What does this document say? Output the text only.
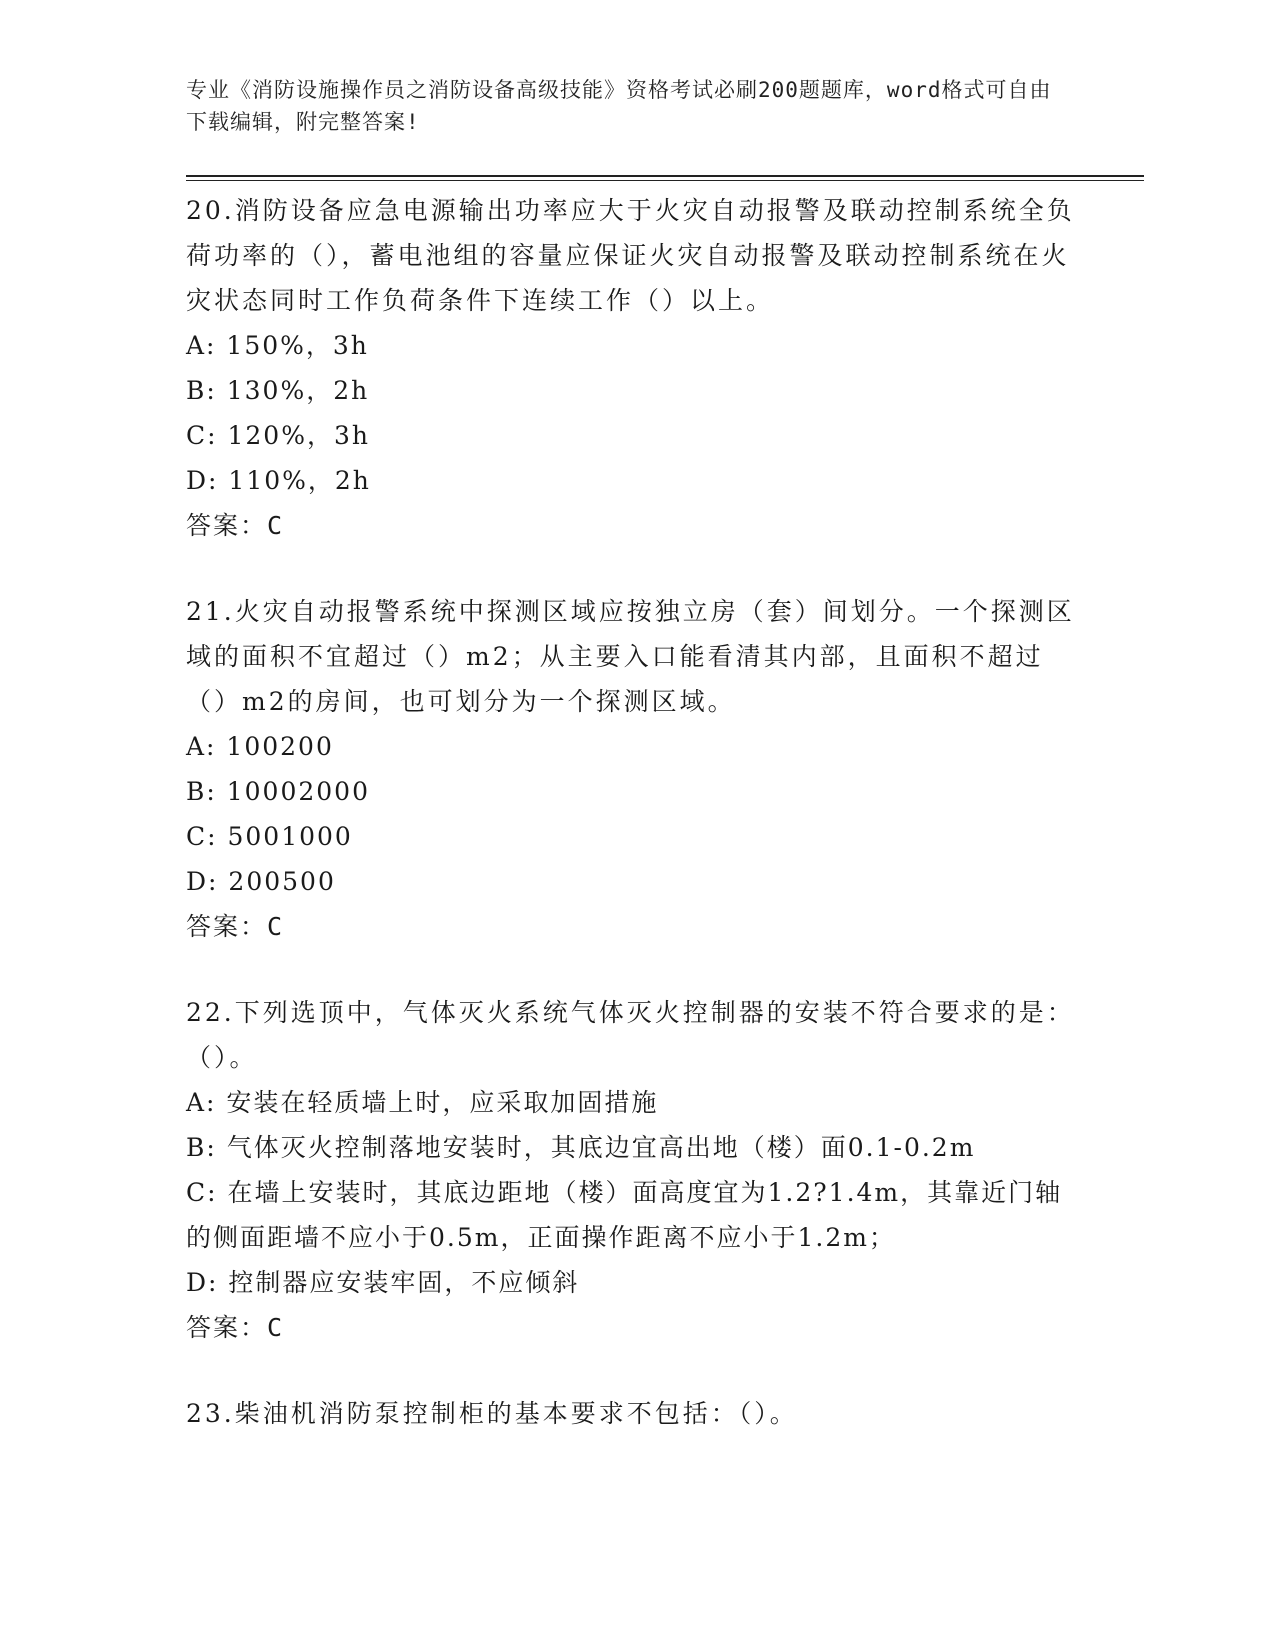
专业《消防设施操作员之消防设备高级技能》资格考试必刷200题题库，word格式可自由下载编辑，附完整答案!

20.消防设备应急电源输出功率应大于火灾自动报警及联动控制系统全负荷功率的（），蓄电池组的容量应保证火灾自动报警及联动控制系统在火灾状态同时工作负荷条件下连续工作（）以上。

A: 150%，3h

B: 130%，2h

C: 120%，3h

D: 110%，2h

答案：C

21.火灾自动报警系统中探测区域应按独立房（套）间划分。一个探测区域的面积不宜超过（）m2；从主要入口能看清其内部，且面积不超过（）m2的房间，也可划分为一个探测区域。

A: 100200

B: 10002000

C: 5001000

D: 200500

答案：C

22.下列选顶中，气体灭火系统气体灭火控制器的安装不符合要求的是：（）。

A: 安装在轻质墙上时，应采取加固措施

B: 气体灭火控制落地安装时，其底边宜高出地（楼）面0.1-0.2m

C: 在墙上安装时，其底边距地（楼）面高度宜为1.2?1.4m，其靠近门轴的侧面距墙不应小于0.5m，正面操作距离不应小于1.2m；

D: 控制器应安装牢固，不应倾斜

答案：C

23.柴油机消防泵控制柜的基本要求不包括：（）。
